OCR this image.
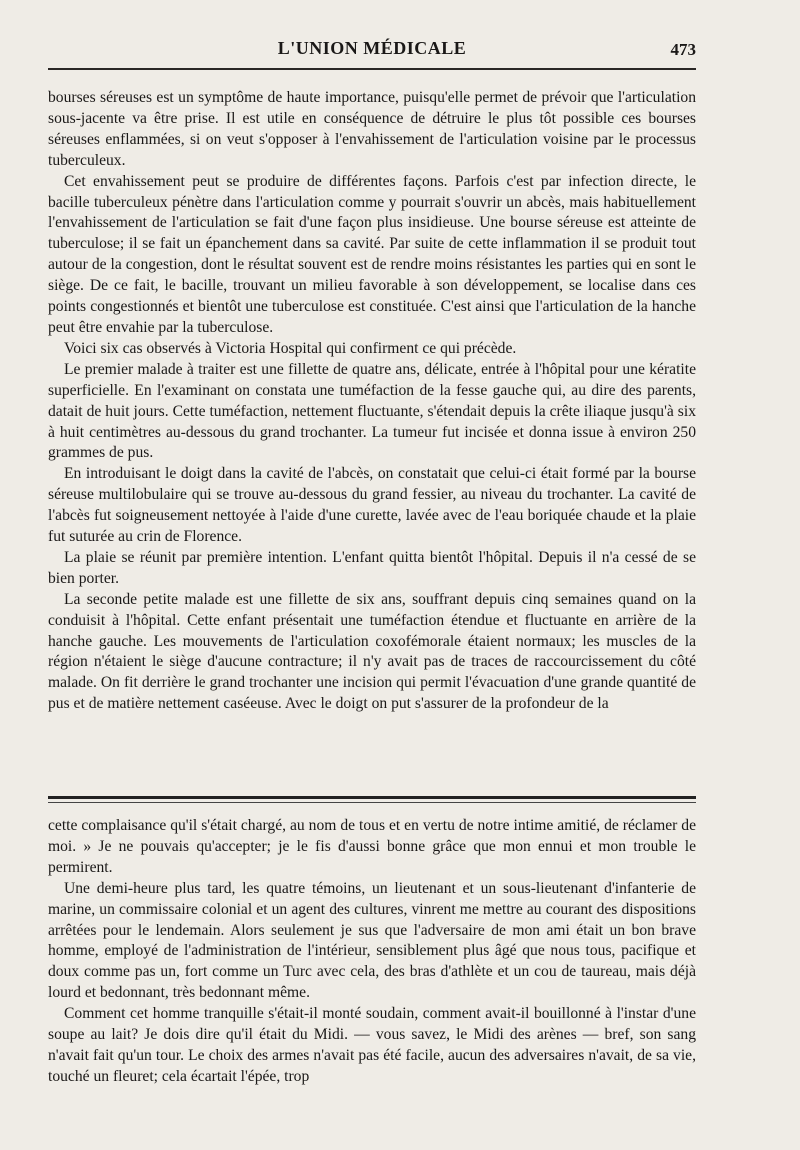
L'UNION MÉDICALE	473

bourses séreuses est un symptôme de haute importance, puisqu'elle permet de prévoir que l'articulation sous-jacente va être prise. Il est utile en conséquence de détruire le plus tôt possible ces bourses séreuses enflammées, si on veut s'opposer à l'envahissement de l'articulation voisine par le processus tuberculeux.

Cet envahissement peut se produire de différentes façons. Parfois c'est par infection directe, le bacille tuberculeux pénètre dans l'articulation comme y pourrait s'ouvrir un abcès, mais habituellement l'envahissement de l'articulation se fait d'une façon plus insidieuse. Une bourse séreuse est atteinte de tuberculose; il se fait un épanchement dans sa cavité. Par suite de cette inflammation il se produit tout autour de la congestion, dont le résultat souvent est de rendre moins résistantes les parties qui en sont le siège. De ce fait, le bacille, trouvant un milieu favorable à son développement, se localise dans ces points congestionnés et bientôt une tuberculose est constituée. C'est ainsi que l'articulation de la hanche peut être envahie par la tuberculose.

Voici six cas observés à Victoria Hospital qui confirment ce qui précède.

Le premier malade à traiter est une fillette de quatre ans, délicate, entrée à l'hôpital pour une kératite superficielle. En l'examinant on constata une tuméfaction de la fesse gauche qui, au dire des parents, datait de huit jours. Cette tuméfaction, nettement fluctuante, s'étendait depuis la crête iliaque jusqu'à six à huit centimètres au-dessous du grand trochanter. La tumeur fut incisée et donna issue à environ 250 grammes de pus.

En introduisant le doigt dans la cavité de l'abcès, on constatait que celui-ci était formé par la bourse séreuse multilobulaire qui se trouve au-dessous du grand fessier, au niveau du trochanter. La cavité de l'abcès fut soigneusement nettoyée à l'aide d'une curette, lavée avec de l'eau boriquée chaude et la plaie fut suturée au crin de Florence.

La plaie se réunit par première intention. L'enfant quitta bientôt l'hôpital. Depuis il n'a cessé de se bien porter.

La seconde petite malade est une fillette de six ans, souffrant depuis cinq semaines quand on la conduisit à l'hôpital. Cette enfant présentait une tuméfaction étendue et fluctuante en arrière de la hanche gauche. Les mouvements de l'articulation coxofémorale étaient normaux; les muscles de la région n'étaient le siège d'aucune contracture; il n'y avait pas de traces de raccourcissement du côté malade. On fit derrière le grand trochanter une incision qui permit l'évacuation d'une grande quantité de pus et de matière nettement caséeuse. Avec le doigt on put s'assurer de la profondeur de la

cette complaisance qu'il s'était chargé, au nom de tous et en vertu de notre intime amitié, de réclamer de moi. » Je ne pouvais qu'accepter; je le fis d'aussi bonne grâce que mon ennui et mon trouble le permirent.

Une demi-heure plus tard, les quatre témoins, un lieutenant et un sous-lieutenant d'infanterie de marine, un commissaire colonial et un agent des cultures, vinrent me mettre au courant des dispositions arrêtées pour le lendemain. Alors seulement je sus que l'adversaire de mon ami était un bon brave homme, employé de l'administration de l'intérieur, sensiblement plus âgé que nous tous, pacifique et doux comme pas un, fort comme un Turc avec cela, des bras d'athlète et un cou de taureau, mais déjà lourd et bedonnant, très bedonnant même.

Comment cet homme tranquille s'était-il monté soudain, comment avait-il bouillonné à l'instar d'une soupe au lait? Je dois dire qu'il était du Midi. — vous savez, le Midi des arènes — bref, son sang n'avait fait qu'un tour. Le choix des armes n'avait pas été facile, aucun des adversaires n'avait, de sa vie, touché un fleuret; cela écartait l'épée, trop
